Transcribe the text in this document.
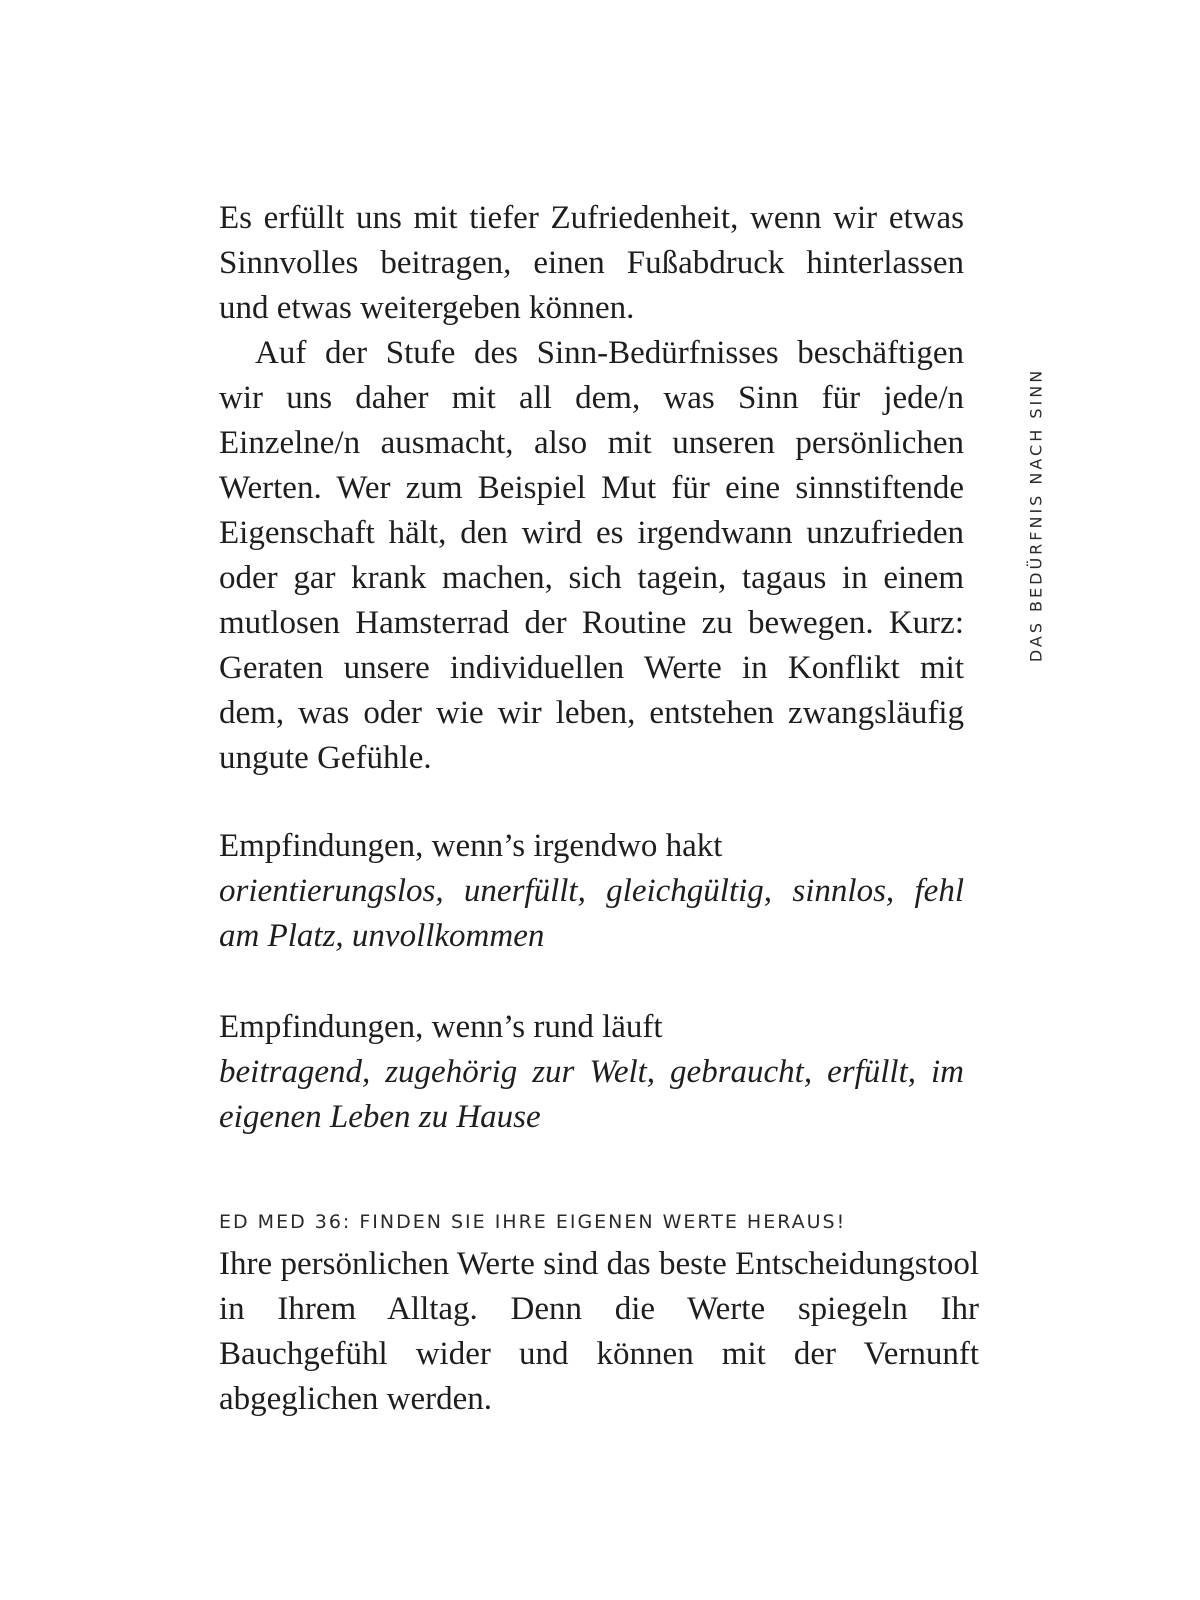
DAS BEDÜRFNIS NACH SINN

Es erfüllt uns mit tiefer Zufriedenheit, wenn wir etwas Sinnvolles beitragen, einen Fußabdruck hinterlassen und etwas weitergeben können.

Auf der Stufe des Sinn-Bedürfnisses beschäftigen wir uns daher mit all dem, was Sinn für jede/n Einzelne/n ausmacht, also mit unseren persönlichen Werten. Wer zum Beispiel Mut für eine sinnstiftende Eigenschaft hält, den wird es irgendwann unzufrieden oder gar krank machen, sich tagein, tagaus in einem mutlosen Hamsterrad der Routine zu bewegen. Kurz: Geraten unsere individuellen Werte in Konflikt mit dem, was oder wie wir leben, entstehen zwangsläufig ungute Gefühle.

Empfindungen, wenn’s irgendwo hakt

orientierungslos, unerfüllt, gleichgültig, sinnlos, fehl am Platz, unvollkommen

Empfindungen, wenn’s rund läuft

beitragend, zugehörig zur Welt, gebraucht, erfüllt, im eigenen Leben zu Hause

ED MED 36: FINDEN SIE IHRE EIGENEN WERTE HERAUS!

Ihre persönlichen Werte sind das beste Entscheidungstool in Ihrem Alltag. Denn die Werte spiegeln Ihr Bauchgefühl wider und können mit der Vernunft abgeglichen werden.
